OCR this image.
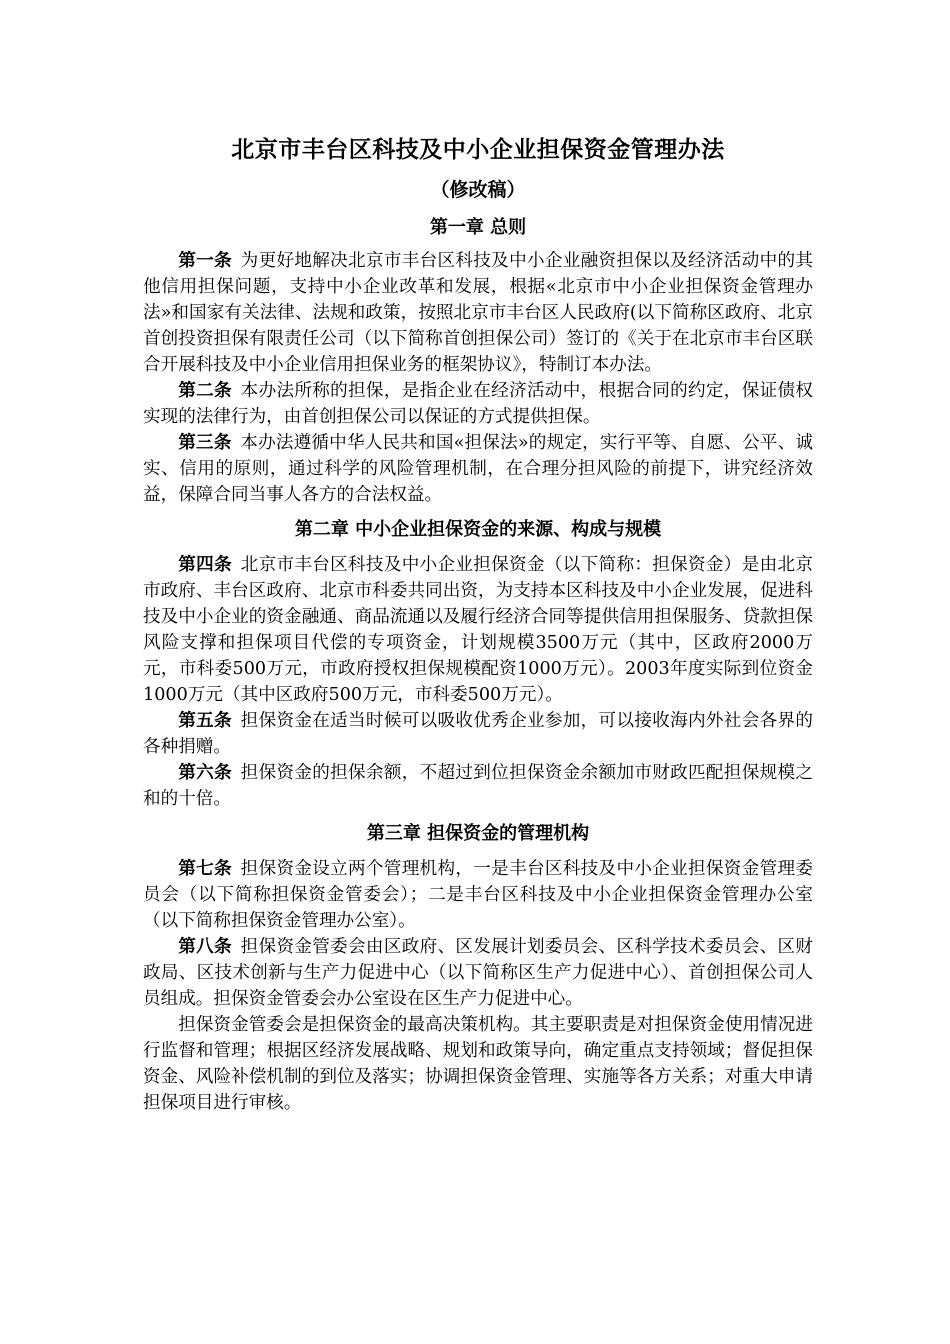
北京市丰台区科技及中小企业担保资金管理办法
（修改稿）
第一章 总则

第一条 为更好地解决北京市丰台区科技及中小企业融资担保以及经济活动中的其他信用担保问题，支持中小企业改革和发展，根据«北京市中小企业担保资金管理办法»和国家有关法律、法规和政策，按照北京市丰台区人民政府(以下简称区政府、北京首创投资担保有限责任公司（以下简称首创担保公司）签订的《关于在北京市丰台区联合开展科技及中小企业信用担保业务的框架协议》，特制订本办法。

第二条 本办法所称的担保，是指企业在经济活动中，根据合同的约定，保证债权实现的法律行为，由首创担保公司以保证的方式提供担保。

第三条 本办法遵循中华人民共和国«担保法»的规定，实行平等、自愿、公平、诚实、信用的原则，通过科学的风险管理机制，在合理分担风险的前提下，讲究经济效益，保障合同当事人各方的合法权益。

第二章 中小企业担保资金的来源、构成与规模

第四条 北京市丰台区科技及中小企业担保资金（以下简称：担保资金）是由北京市政府、丰台区政府、北京市科委共同出资，为支持本区科技及中小企业发展，促进科技及中小企业的资金融通、商品流通以及履行经济合同等提供信用担保服务、贷款担保风险支撑和担保项目代偿的专项资金，计划规模3500万元（其中，区政府2000万元，市科委500万元，市政府授权担保规模配资1000万元）。2003年度实际到位资金1000万元（其中区政府500万元，市科委500万元）。

第五条 担保资金在适当时候可以吸收优秀企业参加，可以接收海内外社会各界的各种捐赠。

第六条 担保资金的担保余额，不超过到位担保资金余额加市财政匹配担保规模之和的十倍。

第三章 担保资金的管理机构

第七条 担保资金设立两个管理机构，一是丰台区科技及中小企业担保资金管理委员会（以下简称担保资金管委会）；二是丰台区科技及中小企业担保资金管理办公室（以下简称担保资金管理办公室）。

第八条 担保资金管委会由区政府、区发展计划委员会、区科学技术委员会、区财政局、区技术创新与生产力促进中心（以下简称区生产力促进中心）、首创担保公司人员组成。担保资金管委会办公室设在区生产力促进中心。

担保资金管委会是担保资金的最高决策机构。其主要职责是对担保资金使用情况进行监督和管理；根据区经济发展战略、规划和政策导向，确定重点支持领域；督促担保资金、风险补偿机制的到位及落实；协调担保资金管理、实施等各方关系；对重大申请担保项目进行审核。
